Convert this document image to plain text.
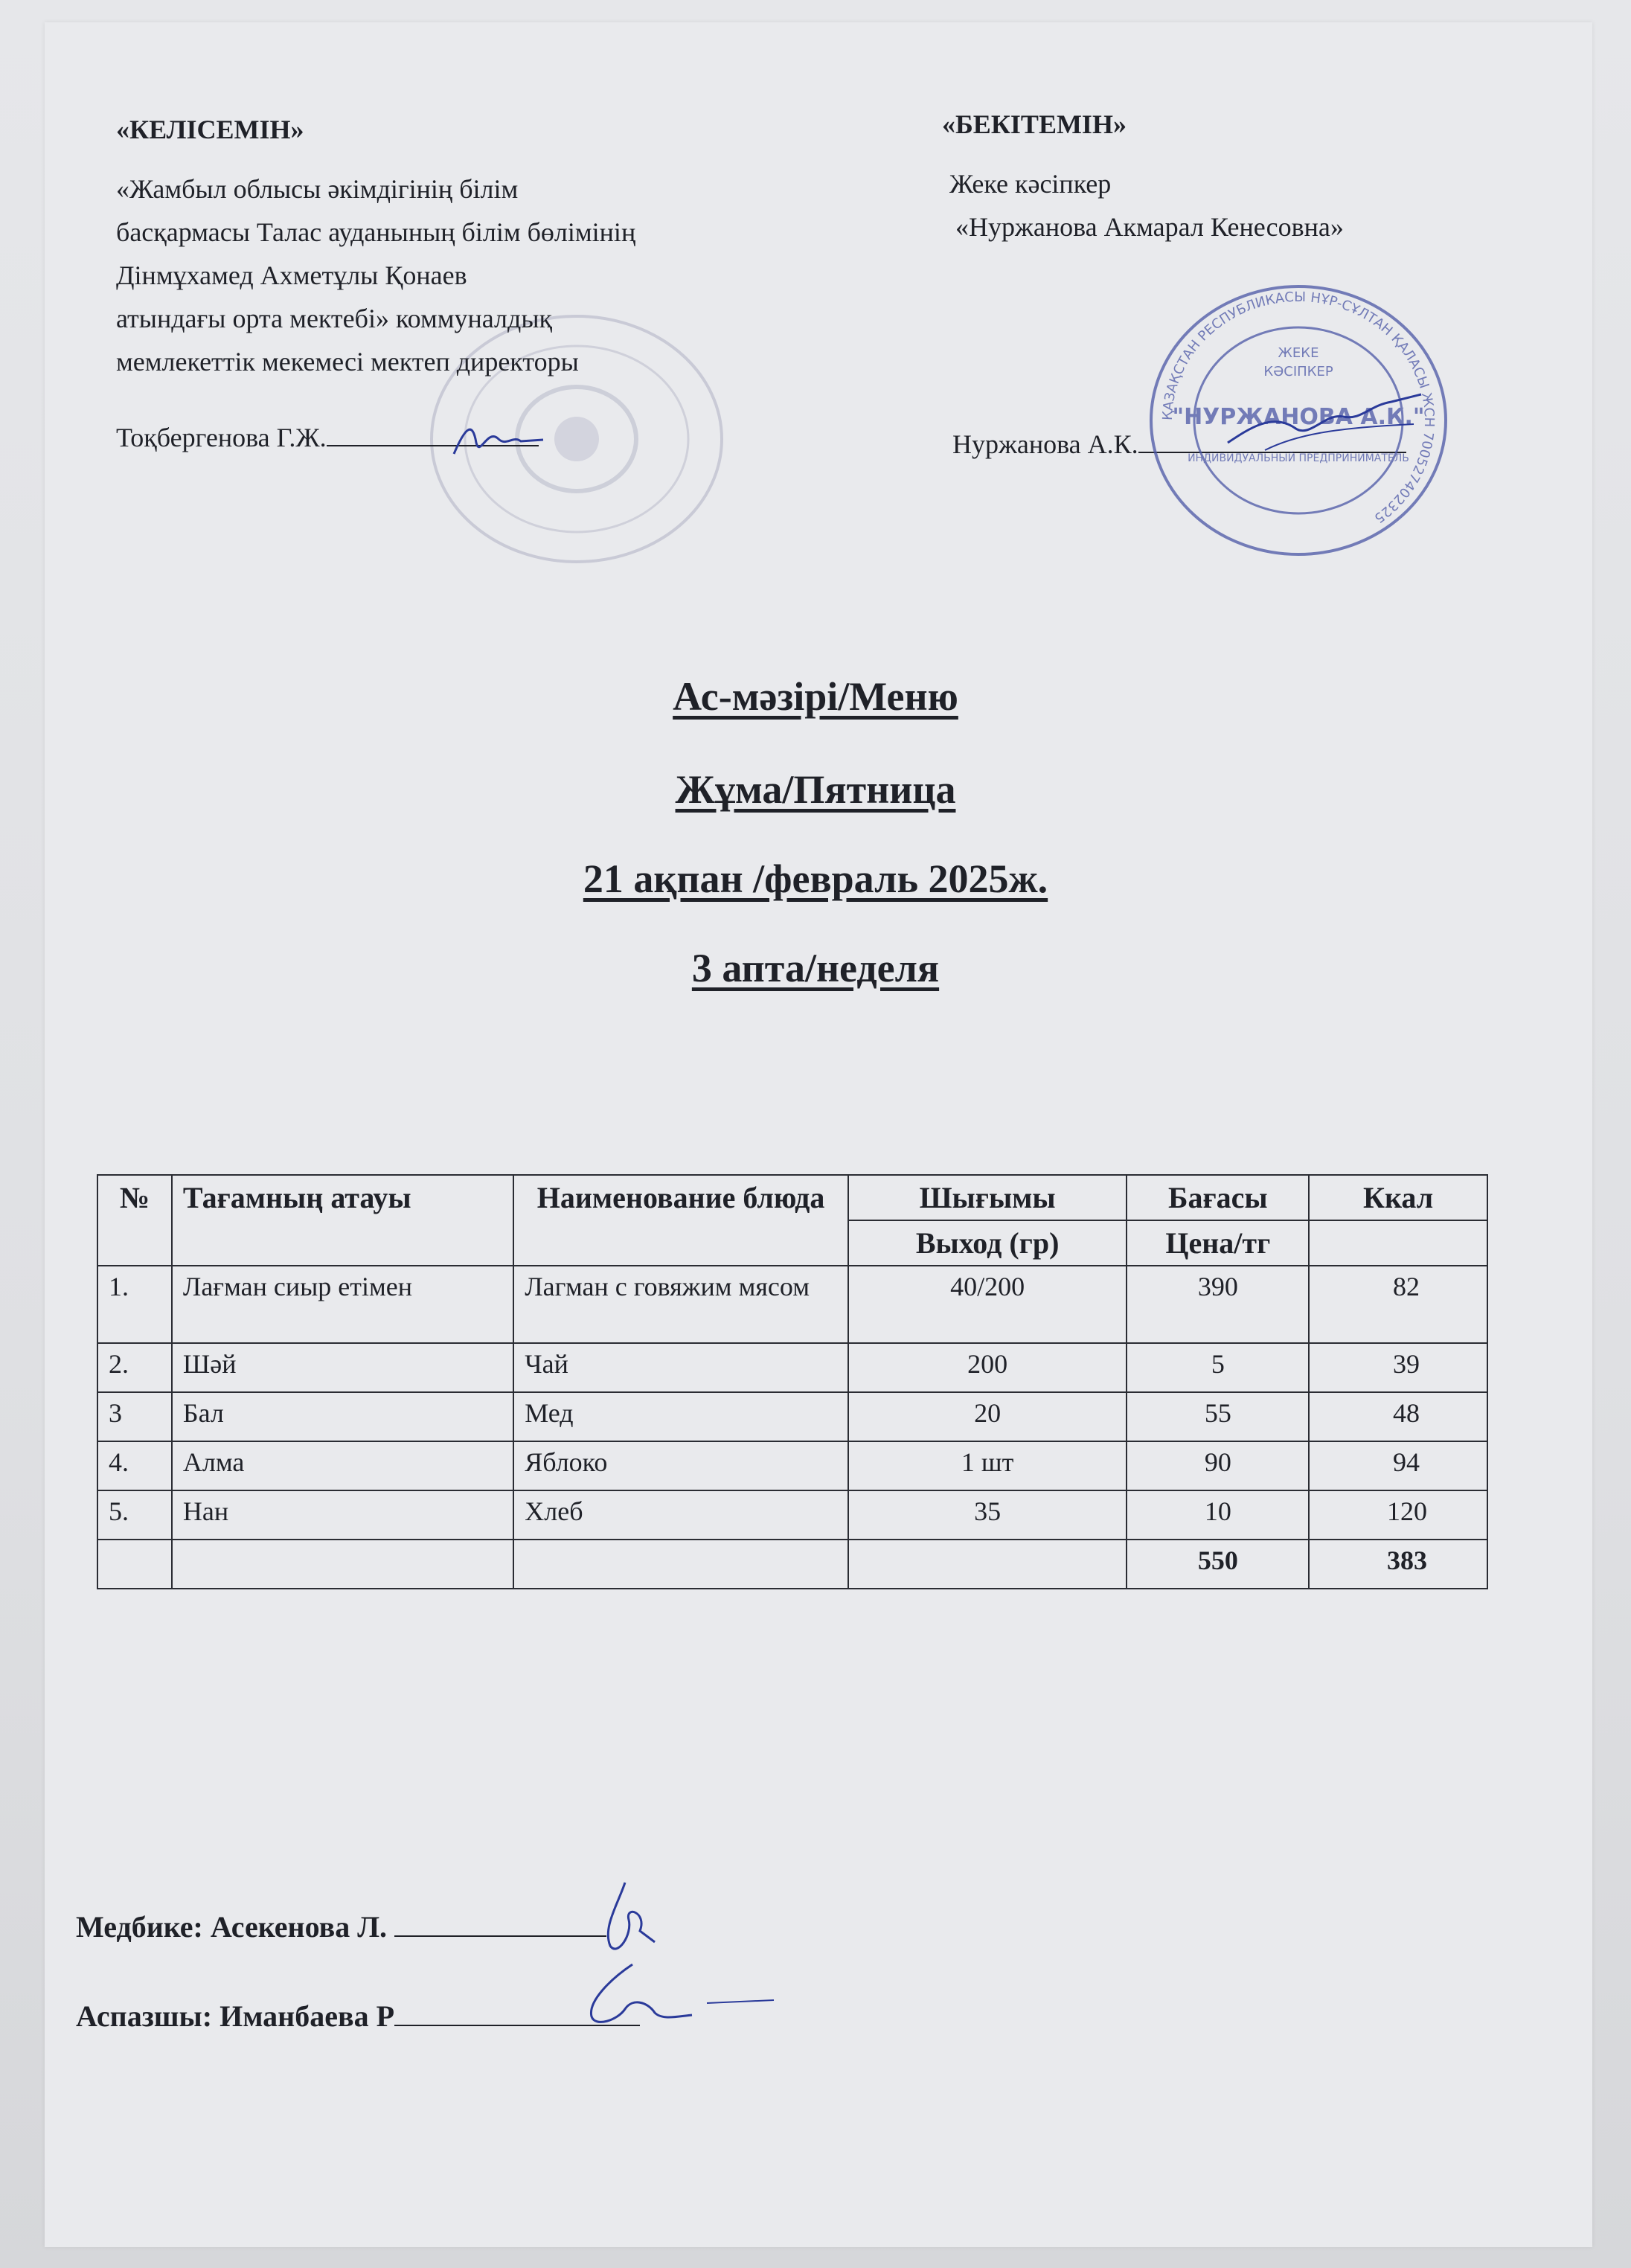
«КЕЛІСЕМІН»
«Жамбыл облысы әкімдігінің білім
басқармасы Талас ауданының білім бөлімінің
Дінмұхамед Ахметұлы Қонаев
атындағы орта мектебі» коммуналдық
мемлекеттік мекемесі мектеп директоры
Тоқбергенова Г.Ж.
«БЕКІТЕМІН»
Жеке кәсіпкер
«Нуржанова Акмарал Кенесовна»
Нуржанова А.К.
ҚАЗАҚСТАН РЕСПУБЛИКАСЫ НҰР-СҰЛТАН ҚАЛАСЫ ЖСН 700527402325
ЖЕКЕ
КӘСІПКЕР
"НУРЖАНОВА А.К."
ИНДИВИДУАЛЬНЫЙ ПРЕДПРИНИМАТЕЛЬ
Ас-мәзірі/Меню
Жұма/Пятница
21 ақпан /февраль 2025ж.
3 апта/неделя
№	Тағамның атауы	Наименование блюда	Шығымы	Бағасы	Ккал
			Выход (гр)	Цена/тг	
1.	Лағман сиыр етімен	Лагман с говяжим мясом	40/200	390	82
2.	Шәй	Чай	200	5	39
3	Бал	Мед	20	55	48
4.	Алма	Яблоко	1 шт	90	94
5.	Нан	Хлеб	35	10	120
				550	383
Медбике: Асекенова Л.
Аспазшы: Иманбаева Р
